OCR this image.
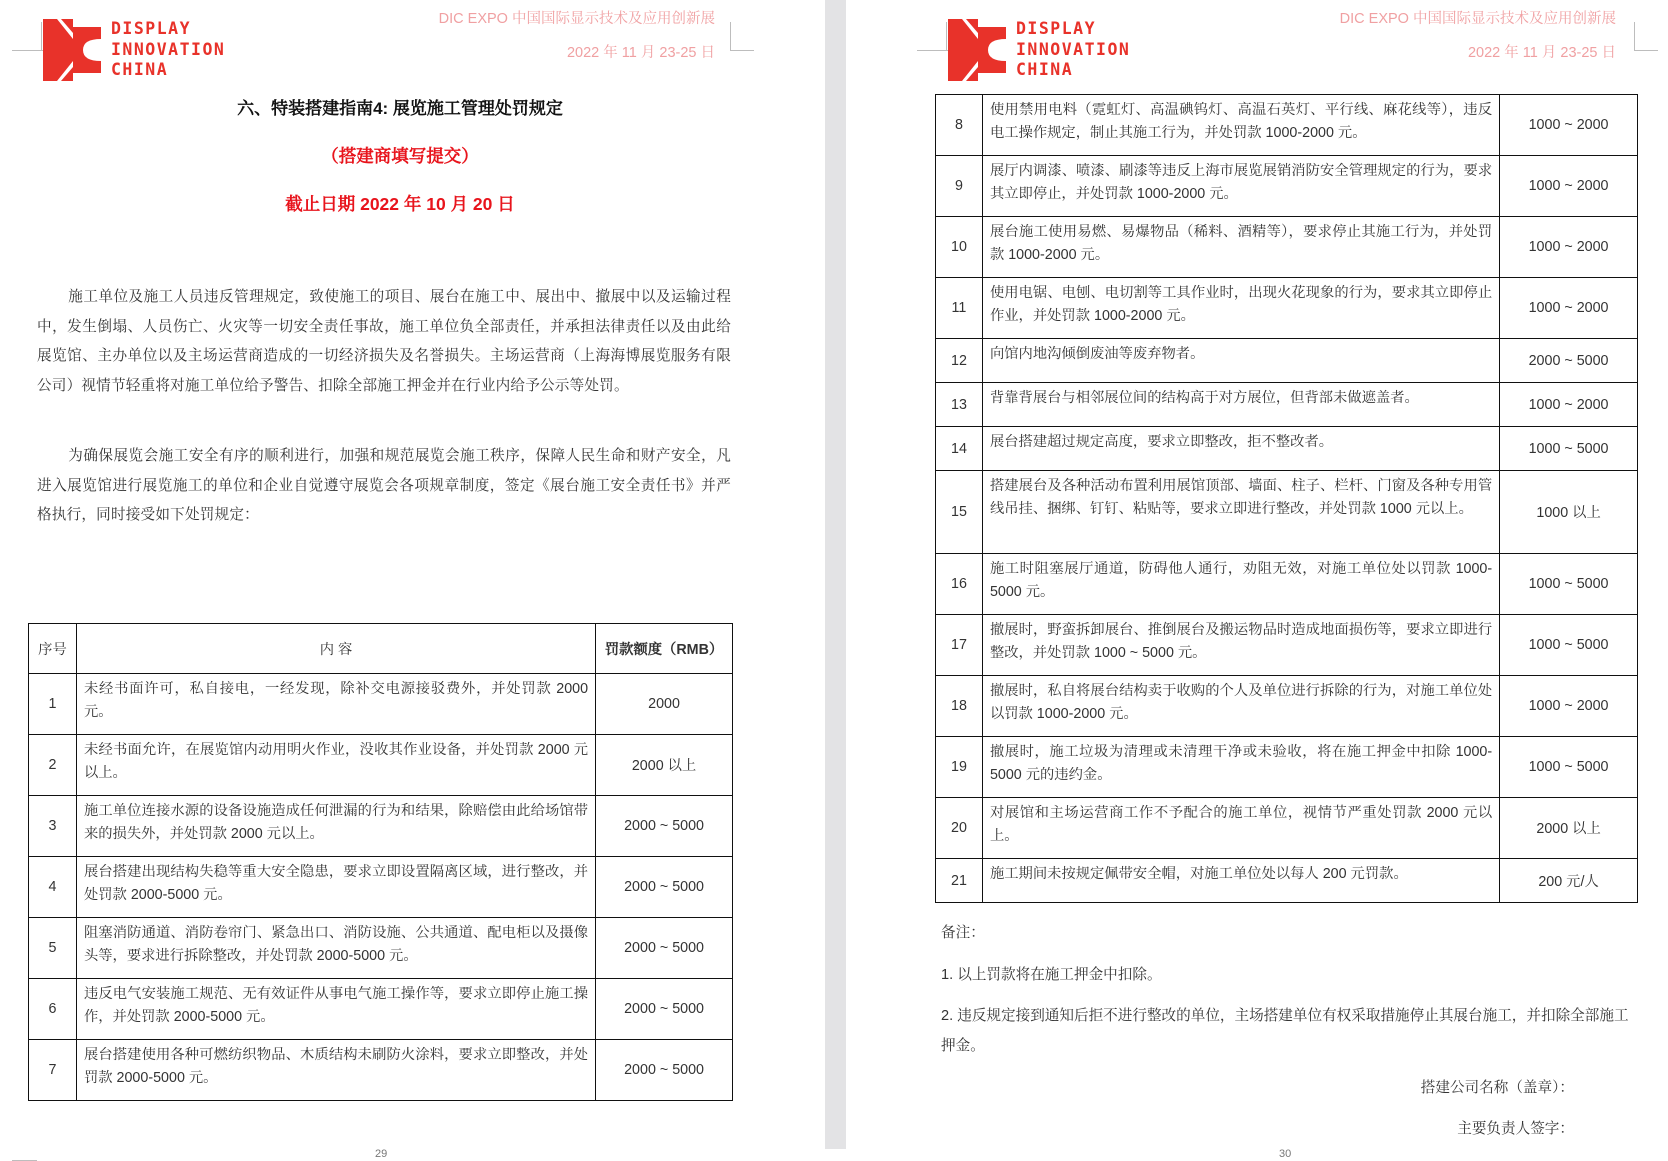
DISPLAY
INNOVATION
CHINA
DIC EXPO 中国国际显示技术及应用创新展
2022 年 11 月 23-25 日
六、特装搭建指南4: 展览施工管理处罚规定
（搭建商填写提交）
截止日期 2022 年 10 月 20 日
施工单位及施工人员违反管理规定，致使施工的项目、展台在施工中、展出中、撤展中以及运输过程中，发生倒塌、人员伤亡、火灾等一切安全责任事故，施工单位负全部责任，并承担法律责任以及由此给展览馆、主办单位以及主场运营商造成的一切经济损失及名誉损失。主场运营商（上海海博展览服务有限公司）视情节轻重将对施工单位给予警告、扣除全部施工押金并在行业内给予公示等处罚。
为确保展览会施工安全有序的顺利进行，加强和规范展览会施工秩序，保障人民生命和财产安全，凡进入展览馆进行展览施工的单位和企业自觉遵守展览会各项规章制度，签定《展台施工安全责任书》并严格执行，同时接受如下处罚规定：
序号	内 容	罚款额度（RMB）
1	未经书面许可，私自接电，一经发现，除补交电源接驳费外，并处罚款 2000 元。	2000
2	未经书面允许，在展览馆内动用明火作业，没收其作业设备，并处罚款 2000 元以上。	2000 以上
3	施工单位连接水源的设备设施造成任何泄漏的行为和结果，除赔偿由此给场馆带来的损失外，并处罚款 2000 元以上。	2000 ~ 5000
4	展台搭建出现结构失稳等重大安全隐患，要求立即设置隔离区域，进行整改，并处罚款 2000-5000 元。	2000 ~ 5000
5	阻塞消防通道、消防卷帘门、紧急出口、消防设施、公共通道、配电柜以及摄像头等，要求进行拆除整改，并处罚款 2000-5000 元。	2000 ~ 5000
6	违反电气安装施工规范、无有效证件从事电气施工操作等，要求立即停止施工操作，并处罚款 2000-5000 元。	2000 ~ 5000
7	展台搭建使用各种可燃纺织物品、木质结构未刷防火涂料，要求立即整改，并处罚款 2000-5000 元。	2000 ~ 5000
29
DISPLAY
INNOVATION
CHINA
DIC EXPO 中国国际显示技术及应用创新展
2022 年 11 月 23-25 日
8	使用禁用电料（霓虹灯、高温碘钨灯、高温石英灯、平行线、麻花线等），违反电工操作规定，制止其施工行为，并处罚款 1000-2000 元。	1000 ~ 2000
9	展厅内调漆、喷漆、刷漆等违反上海市展览展销消防安全管理规定的行为，要求其立即停止，并处罚款 1000-2000 元。	1000 ~ 2000
10	展台施工使用易燃、易爆物品（稀料、酒精等），要求停止其施工行为，并处罚款 1000-2000 元。	1000 ~ 2000
11	使用电锯、电刨、电切割等工具作业时，出现火花现象的行为，要求其立即停止作业，并处罚款 1000-2000 元。	1000 ~ 2000
12	向馆内地沟倾倒废油等废弃物者。	2000 ~ 5000
13	背靠背展台与相邻展位间的结构高于对方展位，但背部未做遮盖者。	1000 ~ 2000
14	展台搭建超过规定高度，要求立即整改，拒不整改者。	1000 ~ 5000
15	搭建展台及各种活动布置利用展馆顶部、墙面、柱子、栏杆、门窗及各种专用管线吊挂、捆绑、钉钉、粘贴等，要求立即进行整改，并处罚款 1000 元以上。	1000 以上
16	施工时阻塞展厅通道，防碍他人通行，劝阻无效，对施工单位处以罚款 1000-5000 元。	1000 ~ 5000
17	撤展时，野蛮拆卸展台、推倒展台及搬运物品时造成地面损伤等，要求立即进行整改，并处罚款 1000 ~ 5000 元。	1000 ~ 5000
18	撤展时，私自将展台结构卖于收购的个人及单位进行拆除的行为，对施工单位处以罚款 1000-2000 元。	1000 ~ 2000
19	撤展时，施工垃圾为清理或未清理干净或未验收，将在施工押金中扣除 1000-5000 元的违约金。	1000 ~ 5000
20	对展馆和主场运营商工作不予配合的施工单位，视情节严重处罚款 2000 元以上。	2000 以上
21	施工期间未按规定佩带安全帽，对施工单位处以每人 200 元罚款。	200 元/人
备注：
1. 以上罚款将在施工押金中扣除。
2. 违反规定接到通知后拒不进行整改的单位，主场搭建单位有权采取措施停止其展台施工，并扣除全部施工押金。
搭建公司名称（盖章）：
主要负责人签字：
30
